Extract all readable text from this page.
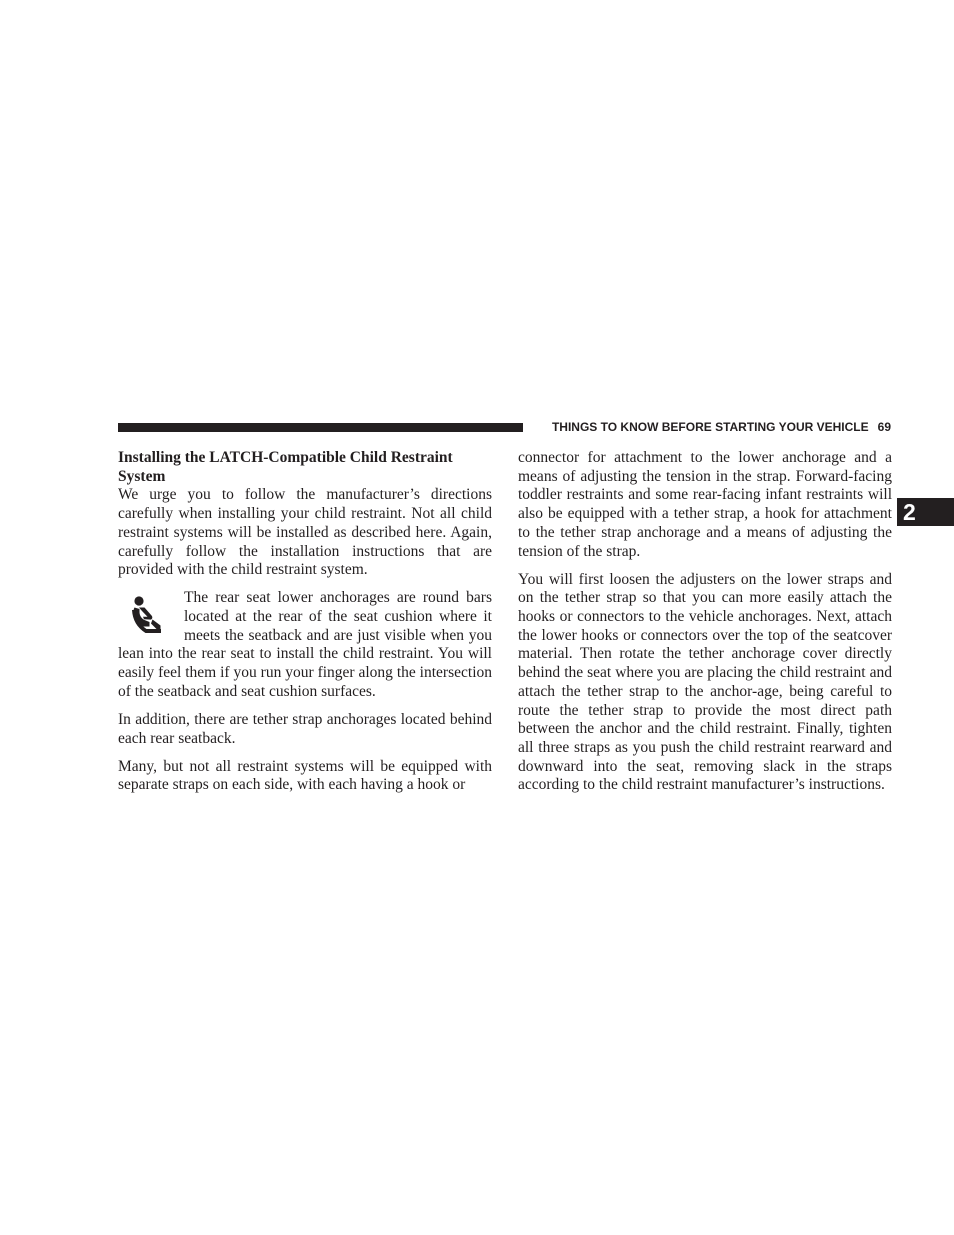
THINGS TO KNOW BEFORE STARTING YOUR VEHICLE 69
2
Installing the LATCH-Compatible Child Restraint System

We urge you to follow the manufacturer’s directions carefully when installing your child restraint. Not all child restraint systems will be installed as described here. Again, carefully follow the installation instructions that are provided with the child restraint system.

The rear seat lower anchorages are round bars located at the rear of the seat cushion where it meets the seatback and are just visible when you lean into the rear seat to install the child restraint. You will easily feel them if you run your finger along the intersection of the seatback and seat cushion surfaces.

In addition, there are tether strap anchorages located behind each rear seatback.

Many, but not all restraint systems will be equipped with separate straps on each side, with each having a hook or

connector for attachment to the lower anchorage and a means of adjusting the tension in the strap. Forward-facing toddler restraints and some rear-facing infant restraints will also be equipped with a tether strap, a hook for attachment to the tether strap anchorage and a means of adjusting the tension of the strap.

You will first loosen the adjusters on the lower straps and on the tether strap so that you can more easily attach the hooks or connectors to the vehicle anchorages. Next, attach the lower hooks or connectors over the top of the seatcover material. Then rotate the tether anchorage cover directly behind the seat where you are placing the child restraint and attach the tether strap to the anchor-age, being careful to route the tether strap to provide the most direct path between the anchor and the child restraint. Finally, tighten all three straps as you push the child restraint rearward and downward into the seat, removing slack in the straps according to the child restraint manufacturer’s instructions.
